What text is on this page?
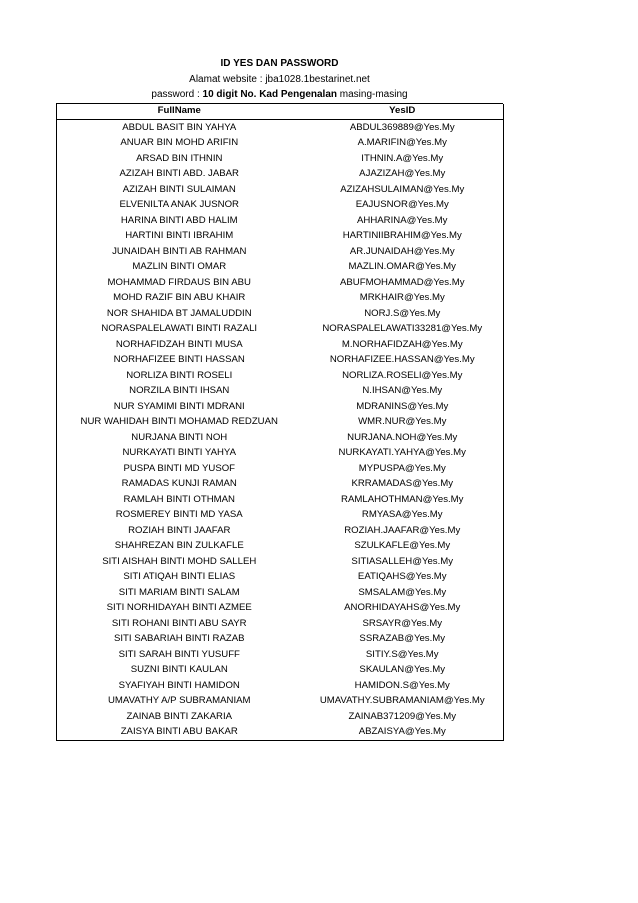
ID YES DAN PASSWORD
Alamat website : jba1028.1bestarinet.net
password : 10 digit No. Kad Pengenalan masing-masing
FullName	YesID
ABDUL BASIT BIN YAHYA	ABDUL369889@Yes.My
ANUAR BIN MOHD ARIFIN	A.MARIFIN@Yes.My
ARSAD BIN ITHNIN	ITHNIN.A@Yes.My
AZIZAH BINTI ABD. JABAR	AJAZIZAH@Yes.My
AZIZAH BINTI SULAIMAN	AZIZAHSULAIMAN@Yes.My
ELVENILTA ANAK JUSNOR	EAJUSNOR@Yes.My
HARINA BINTI ABD HALIM	AHHARINA@Yes.My
HARTINI BINTI IBRAHIM	HARTINIIBRAHIM@Yes.My
JUNAIDAH BINTI AB RAHMAN	AR.JUNAIDAH@Yes.My
MAZLIN BINTI OMAR	MAZLIN.OMAR@Yes.My
MOHAMMAD FIRDAUS BIN ABU	ABUFMOHAMMAD@Yes.My
MOHD RAZIF BIN ABU KHAIR	MRKHAIR@Yes.My
NOR SHAHIDA BT JAMALUDDIN	NORJ.S@Yes.My
NORASPALELAWATI BINTI RAZALI	NORASPALELAWATI33281@Yes.My
NORHAFIDZAH BINTI MUSA	M.NORHAFIDZAH@Yes.My
NORHAFIZEE BINTI HASSAN	NORHAFIZEE.HASSAN@Yes.My
NORLIZA BINTI ROSELI	NORLIZA.ROSELI@Yes.My
NORZILA BINTI IHSAN	N.IHSAN@Yes.My
NUR SYAMIMI BINTI MDRANI	MDRANINS@Yes.My
NUR WAHIDAH BINTI MOHAMAD REDZUAN	WMR.NUR@Yes.My
NURJANA BINTI NOH	NURJANA.NOH@Yes.My
NURKAYATI BINTI YAHYA	NURKAYATI.YAHYA@Yes.My
PUSPA BINTI MD YUSOF	MYPUSPA@Yes.My
RAMADAS KUNJI RAMAN	KRRAMADAS@Yes.My
RAMLAH BINTI OTHMAN	RAMLAHOTHMAN@Yes.My
ROSMEREY BINTI MD YASA	RMYASA@Yes.My
ROZIAH BINTI JAAFAR	ROZIAH.JAAFAR@Yes.My
SHAHREZAN BIN ZULKAFLE	SZULKAFLE@Yes.My
SITI AISHAH BINTI MOHD SALLEH	SITIASALLEH@Yes.My
SITI ATIQAH BINTI ELIAS	EATIQAHS@Yes.My
SITI MARIAM BINTI SALAM	SMSALAM@Yes.My
SITI NORHIDAYAH BINTI AZMEE	ANORHIDAYAHS@Yes.My
SITI ROHANI BINTI ABU SAYR	SRSAYR@Yes.My
SITI SABARIAH BINTI RAZAB	SSRAZAB@Yes.My
SITI SARAH BINTI YUSUFF	SITIY.S@Yes.My
SUZNI BINTI KAULAN	SKAULAN@Yes.My
SYAFIYAH BINTI HAMIDON	HAMIDON.S@Yes.My
UMAVATHY A/P SUBRAMANIAM	UMAVATHY.SUBRAMANIAM@Yes.My
ZAINAB BINTI ZAKARIA	ZAINAB371209@Yes.My
ZAISYA BINTI ABU BAKAR	ABZAISYA@Yes.My
